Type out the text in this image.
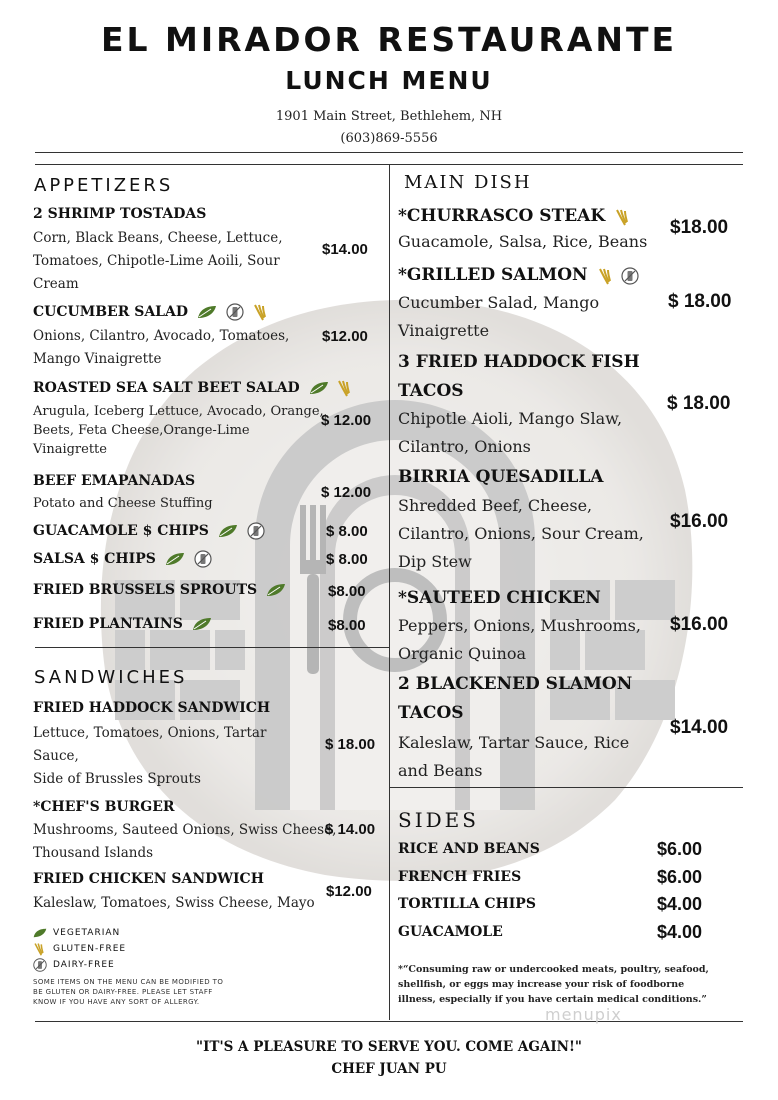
EL MIRADOR RESTAURANTE
LUNCH MENU
1901 Main Street, Bethlehem, NH
(603)869-5556
APPETIZERS
2 SHRIMP TOSTADAS
Corn, Black Beans, Cheese, Lettuce,
Tomatoes, Chipotle-Lime Aoili, Sour
Cream
$14.00
CUCUMBER SALAD
Onions, Cilantro, Avocado, Tomatoes,
Mango Vinaigrette
$12.00
ROASTED SEA SALT BEET SALAD
Arugula, Iceberg Lettuce, Avocado, Orange,
Beets, Feta Cheese,Orange-Lime
Vinaigrette
$ 12.00
BEEF EMAPANADAS
Potato and Cheese Stuffing
$ 12.00
GUACAMOLE $ CHIPS	$ 8.00
SALSA $ CHIPS	$ 8.00
FRIED BRUSSELS SPROUTS	$8.00
FRIED PLANTAINS	$8.00
SANDWICHES
FRIED HADDOCK SANDWICH
Lettuce, Tomatoes, Onions, Tartar
Sauce,
Side of Brussles Sprouts
$ 18.00
*CHEF'S BURGER
Mushrooms, Sauteed Onions, Swiss Cheese,
Thousand Islands
$ 14.00
FRIED CHICKEN SANDWICH
Kaleslaw, Tomatoes, Swiss Cheese, Mayo
$12.00
VEGETARIAN
GLUTEN-FREE
DAIRY-FREE
SOME ITEMS ON THE MENU CAN BE MODIFIED TO
BE GLUTEN OR DAIRY-FREE. PLEASE LET STAFF
KNOW IF YOU HAVE ANY SORT OF ALLERGY.
MAIN DISH
*CHURRASCO STEAK
Guacamole, Salsa, Rice, Beans
$18.00
*GRILLED SALMON
Cucumber Salad, Mango
Vinaigrette
$ 18.00
3 FRIED HADDOCK FISH
TACOS
Chipotle Aioli, Mango Slaw,
Cilantro, Onions
$ 18.00
BIRRIA QUESADILLA
Shredded Beef, Cheese,
Cilantro, Onions, Sour Cream,
Dip Stew
$16.00
*SAUTEED CHICKEN
Peppers, Onions, Mushrooms,
Organic Quinoa
$16.00
2 BLACKENED SLAMON
TACOS
Kaleslaw, Tartar Sauce, Rice
and Beans
$14.00
SIDES
RICE AND BEANS	$6.00
FRENCH FRIES	$6.00
TORTILLA CHIPS	$4.00
GUACAMOLE	$4.00
*“Consuming raw or undercooked meats, poultry, seafood,
shellfish, or eggs may increase your risk of foodborne
illness, especially if you have certain medical conditions.”
menupix
"IT'S A PLEASURE TO SERVE YOU. COME AGAIN!"
CHEF JUAN PU
